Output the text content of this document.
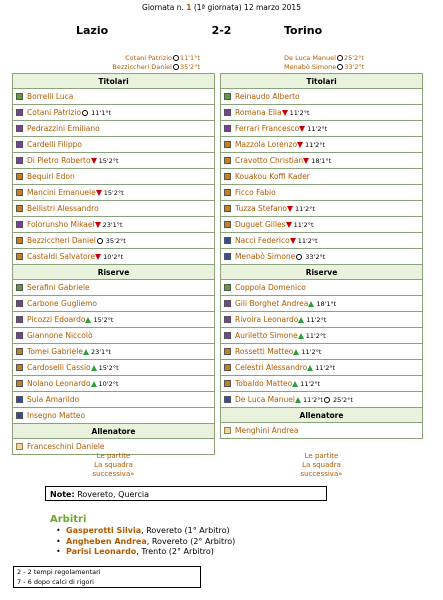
Giornata n. 1 (1ª giornata) 12 marzo 2015
Lazio	2-2	Torino
Cotani Patrizio 11'1°t
Bezziccheri Daniel 35'2°t
De Luca Manuel 25'2°t
Menabò Simone 33'2°t
Titolari
Borrelli Luca
Cotani Patrizio 11'1°t
Pedrazzini Emiliano
Cardelli Filippo
Di Pietro Roberto 15'2°t
Bequiri Edon
Mancini Emanuele 15'2°t
Bellistri Alessandro
Folorunsho Mikael 23'1°t
Bezziccheri Daniel 35'2°t
Castaldi Salvatore 10'2°t
Riserve
Serafini Gabriele
Carbone Gugliemo
Picozzi Edoardo 15'2°t
Giannone Niccolò
Tomei Gabriele 23'1°t
Cardoselli Cassio 15'2°t
Nolano Leonardo 10'2°t
Sula Amarildo
Insegno Matteo
Allenatore
Franceschini Daniele
Titolari
Reinaudo Alberto
Romana Elia 11'2°t
Ferrari Francesco 11'2°t
Mazzola Lorenzo 11'2°t
Cravotto Christian 18'1°t
Kouakou Koffi Kader
Ficco Fabio
Tuzza Stefano 11'2°t
Duguet Gilles 11'2°t
Nacci Federico 11'2°t
Menabò Simone 33'2°t
Riserve
Coppola Domenico
Gili Borghet Andrea 18'1°t
Rivoira Leonardo 11'2°t
Auriletto Simone 11'2°t
Rossetti Matteo 11'2°t
Celestri Alessandro 11'2°t
Tobaldo Matteo 11'2°t
De Luca Manuel 11'2°t 25'2°t
Allenatore
Menghini Andrea
Le partite
La squadra
successiva»
Le partite
La squadra
successiva»
Note: Rovereto, Quercia
Arbitri
• Gasperotti Silvia, Rovereto (1° Arbitro)
• Angheben Andrea, Rovereto (2° Arbitro)
• Parisi Leonardo, Trento (2° Arbitro)
2 - 2 tempi regolamentari
7 - 6 dopo calci di rigori
